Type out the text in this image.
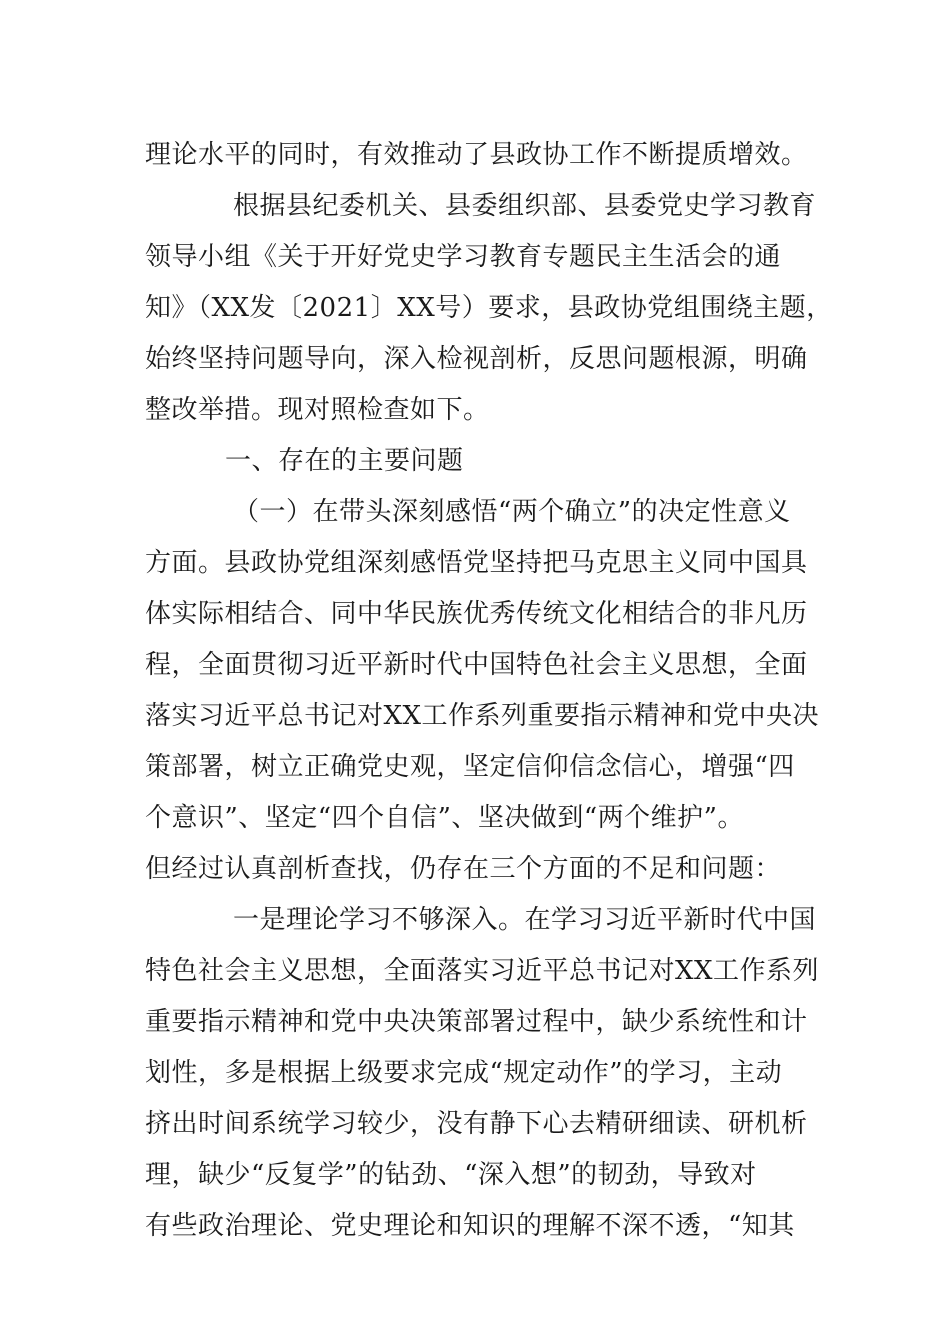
理论水平的同时，有效推动了县政协工作不断提质增效。
根据县纪委机关、县委组织部、县委党史学习教育
领导小组《关于开好党史学习教育专题民主生活会的通
知》（XX发〔2021〕XX号）要求，县政协党组围绕主题，
始终坚持问题导向，深入检视剖析，反思问题根源，明确
整改举措。现对照检查如下。
一、存在的主要问题
（一）在带头深刻感悟“两个确立”的决定性意义
方面。县政协党组深刻感悟党坚持把马克思主义同中国具
体实际相结合、同中华民族优秀传统文化相结合的非凡历
程，全面贯彻习近平新时代中国特色社会主义思想，全面
落实习近平总书记对XX工作系列重要指示精神和党中央决
策部署，树立正确党史观，坚定信仰信念信心，增强“四
个意识”、坚定“四个自信”、坚决做到“两个维护”。
但经过认真剖析查找，仍存在三个方面的不足和问题：
一是理论学习不够深入。在学习习近平新时代中国
特色社会主义思想，全面落实习近平总书记对XX工作系列
重要指示精神和党中央决策部署过程中，缺少系统性和计
划性，多是根据上级要求完成“规定动作”的学习，主动
挤出时间系统学习较少，没有静下心去精研细读、研机析
理，缺少“反复学”的钻劲、“深入想”的韧劲，导致对
有些政治理论、党史理论和知识的理解不深不透，“知其
